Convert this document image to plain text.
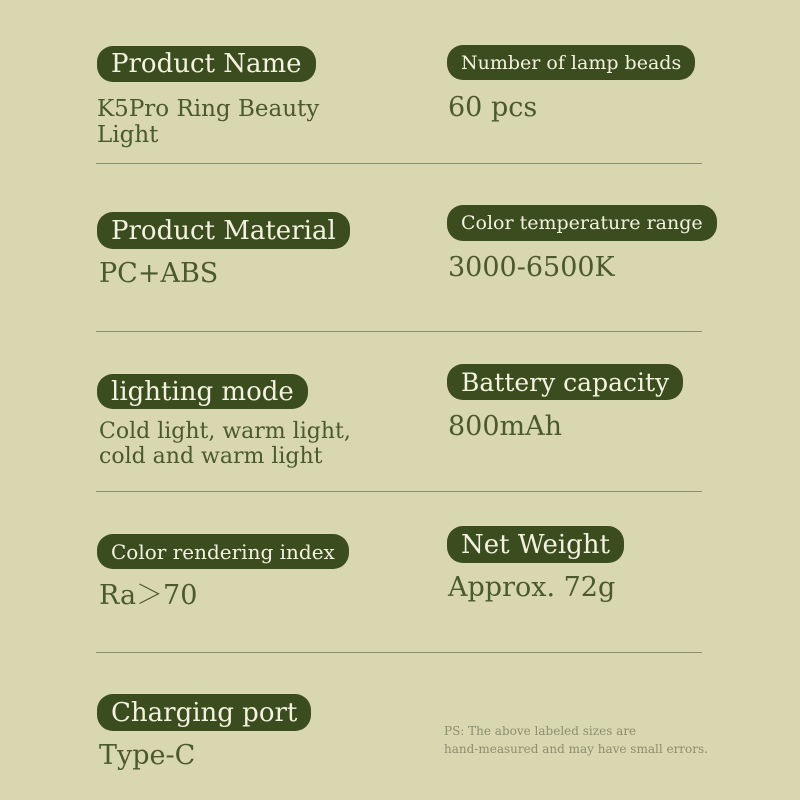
Product Name
K5Pro Ring Beauty
Light
Number of lamp beads
60 pcs
Product Material
PC+ABS
Color temperature range
3000-6500K
lighting mode
Cold light, warm light,
cold and warm light
Battery capacity
800mAh
Color rendering index
Ra＞70
Net Weight
Approx. 72g
Charging port
Type-C
PS: The above labeled sizes are
hand-measured and may have small errors.
